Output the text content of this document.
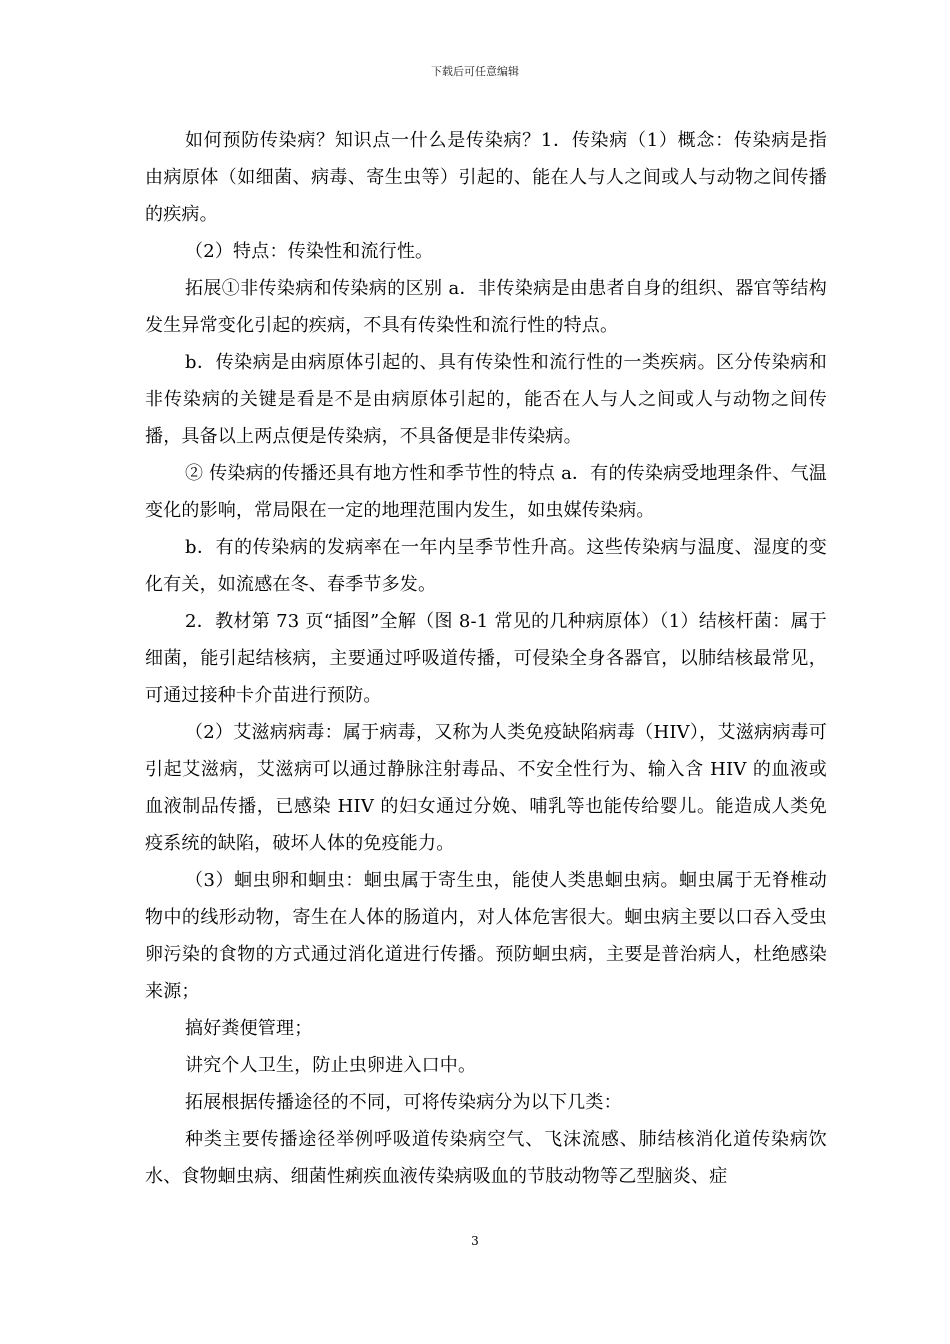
下载后可任意编辑

如何预防传染病？知识点一什么是传染病？1．传染病（1）概念：传染病是指由病原体（如细菌、病毒、寄生虫等）引起的、能在人与人之间或人与动物之间传播的疾病。

（2）特点：传染性和流行性。

拓展①非传染病和传染病的区别 a．非传染病是由患者自身的组织、器官等结构发生异常变化引起的疾病，不具有传染性和流行性的特点。

b．传染病是由病原体引起的、具有传染性和流行性的一类疾病。区分传染病和非传染病的关键是看是不是由病原体引起的，能否在人与人之间或人与动物之间传播，具备以上两点便是传染病，不具备便是非传染病。

② 传染病的传播还具有地方性和季节性的特点 a．有的传染病受地理条件、气温变化的影响，常局限在一定的地理范围内发生，如虫媒传染病。

b．有的传染病的发病率在一年内呈季节性升高。这些传染病与温度、湿度的变化有关，如流感在冬、春季节多发。

2．教材第 73 页“插图”全解（图 8-1 常见的几种病原体）（1）结核杆菌：属于细菌，能引起结核病，主要通过呼吸道传播，可侵染全身各器官，以肺结核最常见，可通过接种卡介苗进行预防。

（2）艾滋病病毒：属于病毒，又称为人类免疫缺陷病毒（HIV），艾滋病病毒可引起艾滋病，艾滋病可以通过静脉注射毒品、不安全性行为、输入含 HIV 的血液或血液制品传播，已感染 HIV 的妇女通过分娩、哺乳等也能传给婴儿。能造成人类免疫系统的缺陷，破坏人体的免疫能力。

（3）蛔虫卵和蛔虫：蛔虫属于寄生虫，能使人类患蛔虫病。蛔虫属于无脊椎动物中的线形动物，寄生在人体的肠道内，对人体危害很大。蛔虫病主要以口吞入受虫卵污染的食物的方式通过消化道进行传播。预防蛔虫病，主要是普治病人，杜绝感染来源；

搞好粪便管理；

讲究个人卫生，防止虫卵进入口中。

拓展根据传播途径的不同，可将传染病分为以下几类：

种类主要传播途径举例呼吸道传染病空气、飞沫流感、肺结核消化道传染病饮水、食物蛔虫病、细菌性痢疾血液传染病吸血的节肢动物等乙型脑炎、症

3
